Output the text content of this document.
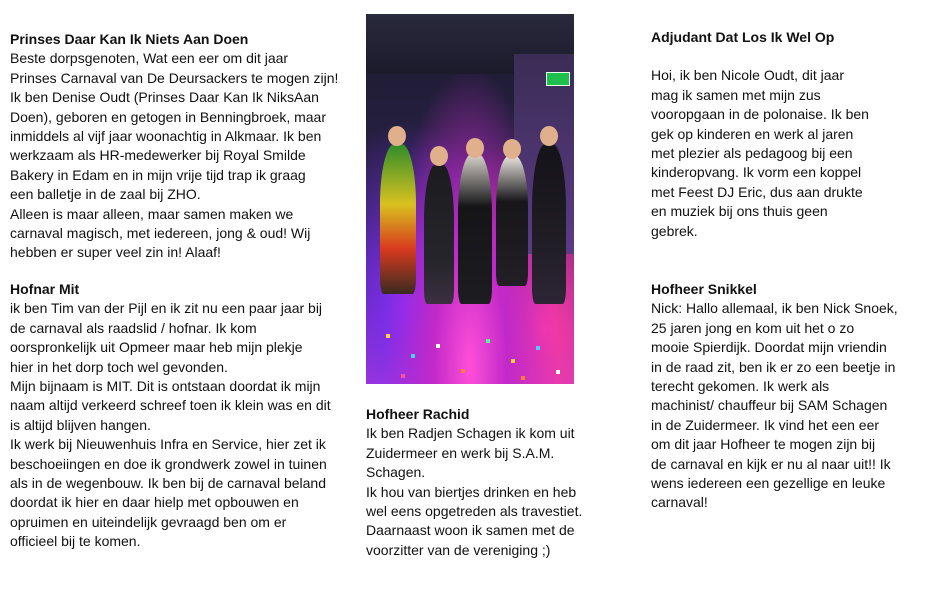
Prinses Daar Kan Ik Niets Aan Doen

Beste dorpsgenoten, Wat een eer om dit jaar
Prinses Carnaval van De Deursackers te mogen zijn!
Ik ben Denise Oudt (Prinses Daar Kan Ik NiksAan
Doen), geboren en getogen in Benningbroek, maar
inmiddels al vijf jaar woonachtig in Alkmaar. Ik ben
werkzaam als HR-medewerker bij Royal Smilde
Bakery in Edam en in mijn vrije tijd trap ik graag
een balletje in de zaal bij ZHO.
Alleen is maar alleen, maar samen maken we
carnaval magisch, met iedereen, jong & oud! Wij
hebben er super veel zin in! Alaaf!

Hofnar Mit

ik ben Tim van der Pijl en ik zit nu een paar jaar bij
de carnaval als raadslid / hofnar. Ik kom
oorspronkelijk uit Opmeer maar heb mijn plekje
hier in het dorp toch wel gevonden.
Mijn bijnaam is MIT. Dit is ontstaan doordat ik mijn
naam altijd verkeerd schreef toen ik klein was en dit
is altijd blijven hangen.
Ik werk bij Nieuwenhuis Infra en Service, hier zet ik
beschoeiingen en doe ik grondwerk zowel in tuinen
als in de wegenbouw. Ik ben bij de carnaval beland
doordat ik hier en daar hielp met opbouwen en
opruimen en uiteindelijk gevraagd ben om er
officieel bij te komen.

Hofheer Rachid

Ik ben Radjen Schagen ik kom uit
Zuidermeer en werk bij S.A.M.
Schagen.
Ik hou van biertjes drinken en heb
wel eens opgetreden als travestiet.
Daarnaast woon ik samen met de
voorzitter van de vereniging ;)

Adjudant Dat Los Ik Wel Op

Hoi, ik ben Nicole Oudt, dit jaar
mag ik samen met mijn zus
vooropgaan in de polonaise. Ik ben
gek op kinderen en werk al jaren
met plezier als pedagoog bij een
kinderopvang. Ik vorm een koppel
met Feest DJ Eric, dus aan drukte
en muziek bij ons thuis geen
gebrek.

Hofheer Snikkel

Nick: Hallo allemaal, ik ben Nick Snoek,
25 jaren jong en kom uit het o zo
mooie Spierdijk. Doordat mijn vriendin
in de raad zit, ben ik er zo een beetje in
terecht gekomen. Ik werk als
machinist/ chauffeur bij SAM Schagen
in de Zuidermeer. Ik vind het een eer
om dit jaar Hofheer te mogen zijn bij
de carnaval en kijk er nu al naar uit!! Ik
wens iedereen een gezellige en leuke
carnaval!
